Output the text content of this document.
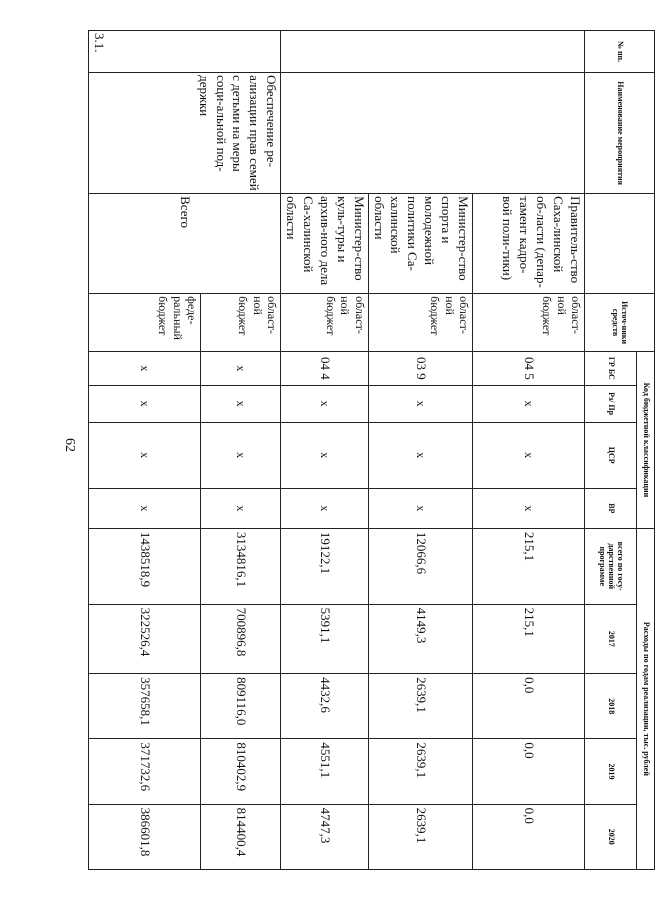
62
№ пп.	Наименование мероприятия		Источ-ники средств	Код бюджетной классификации				Расходы по годам реализации, тыс. рублей				
				ГР БС	Рз/ Пр	ЦСР	ВР	всего по госу-дарственной программе	2017	2018	2019	2020
		Правитель-ство Саха-линской об-ласти (депар-тамент кадро-вой поли-тики)	област-ной бюджет	04 5	x	x	x	215,1	215,1	0,0	0,0	0,0
		Министер-ство спорта и молодежной политики Са-халинской области	област-ной бюджет	03 9	x	x	x	12066,6	4149,3	2639,1	2639,1	2639,1
		Министер-ство куль-туры и архив-ного дела Са-халинской области	област-ной бюджет	04 4	x	x	x	19122,1	5391,1	4432,6	4551,1	4747,3
3.1.	Обеспечение ре-ализации прав семей с детьми на меры соци-альной под-держки	Всего	област-ной бюджет	x	x	x	x	3134816,1	700896,8	809116,0	810402,9	814400,4
			феде-ральный бюджет	x	x	x	x	1438518,9	322526,4	357658,1	371732,6	386601,8
